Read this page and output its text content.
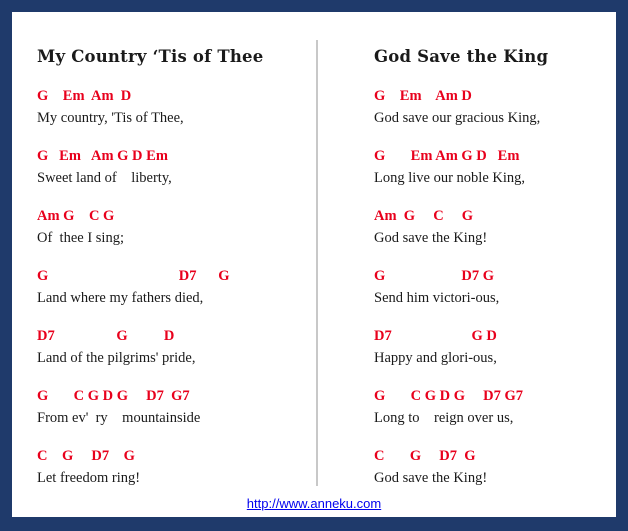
My Country ‘Tis of Thee
G    Em  Am  D
My country, 'Tis of Thee,
G   Em   Am G D Em
Sweet land of    liberty,
Am G    C G
Of  thee I sing;
G                                    D7      G
Land where my fathers died,
D7                 G          D
Land of the pilgrims' pride,
G       C G D G     D7  G7
From ev'  ry    mountainside
C    G     D7    G
Let freedom ring!
God Save the King
G    Em    Am D
God save our gracious King,
G       Em Am G D   Em
Long live our noble King,
Am  G     C     G
God save the King!
G                     D7 G
Send him victori-ous,
D7                      G D
Happy and glori-ous,
G       C G D G     D7 G7
Long to    reign over us,
C       G     D7  G
God save the King!
http://www.anneku.com
